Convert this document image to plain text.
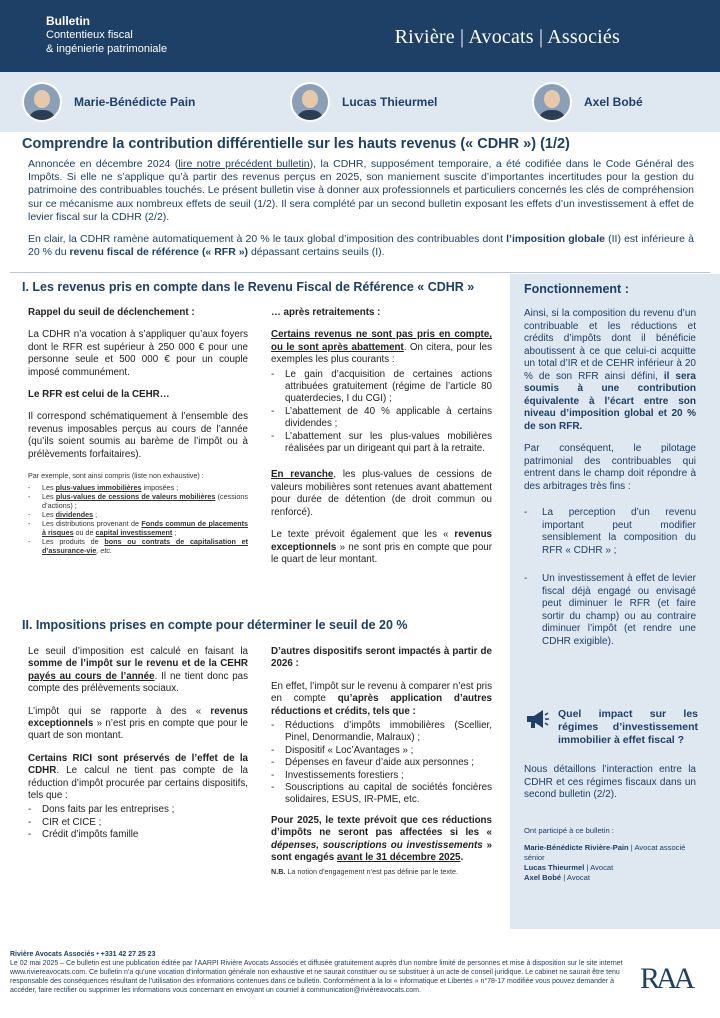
Bulletin
Contentieux fiscal
& ingénierie patrimoniale
Rivière | Avocats | Associés
Marie-Bénédicte Pain	Lucas Thieurmel	Axel Bobé
Comprendre la contribution différentielle sur les hauts revenus (« CDHR ») (1/2)

Annoncée en décembre 2024 (lire notre précédent bulletin), la CDHR, supposément temporaire, a été codifiée dans le Code Général des Impôts. Si elle ne s’applique qu’à partir des revenus perçus en 2025, son maniement suscite d’importantes incertitudes pour la gestion du patrimoine des contribuables touchés. Le présent bulletin vise à donner aux professionnels et particuliers concernés les clés de compréhension sur ce mécanisme aux nombreux effets de seuil (1/2). Il sera complété par un second bulletin exposant les effets d’un investissement à effet de levier fiscal sur la CDHR (2/2).

En clair, la CDHR ramène automatiquement à 20 % le taux global d’imposition des contribuables dont l’imposition globale (II) est inférieure à 20 % du revenu fiscal de référence (« RFR ») dépassant certains seuils (I).

I. Les revenus pris en compte dans le Revenu Fiscal de Référence « CDHR »
Rappel du seuil de déclenchement :

La CDHR n’a vocation à s’appliquer qu’aux foyers dont le RFR est supérieur à 250 000 € pour une personne seule et 500 000 € pour un couple imposé communément.

Le RFR est celui de la CEHR…

Il correspond schématiquement à l’ensemble des revenus imposables perçus au cours de l’année (qu’ils soient soumis au barème de l’impôt ou à prélèvements forfaitaires).

Par exemple, sont ainsi compris (liste non exhaustive) :
- Les plus-values immobilières imposées ;
- Les plus-values de cessions de valeurs mobilières (cessions d’actions) ;
- Les dividendes ;
- Les distributions provenant de Fonds commun de placements à risques ou de capital investissement ;
- Les produits de bons ou contrats de capitalisation et d’assurance-vie, etc.
… après retraitements :

Certains revenus ne sont pas pris en compte, ou le sont après abattement. On citera, pour les exemples les plus courants :

- Le gain d’acquisition de certaines actions attribuées gratuitement (régime de l’article 80 quaterdecies, I du CGI) ;
- L’abattement de 40 % applicable à certains dividendes ;
- L’abattement sur les plus-values mobilières réalisées par un dirigeant qui part à la retraite.

En revanche, les plus-values de cessions de valeurs mobilières sont retenues avant abattement pour durée de détention (de droit commun ou renforcé).

Le texte prévoit également que les « revenus exceptionnels » ne sont pris en compte que pour le quart de leur montant.

II. Impositions prises en compte pour déterminer le seuil de 20 %

Le seuil d’imposition est calculé en faisant la somme de l’impôt sur le revenu et de la CEHR payés au cours de l’année. Il ne tient donc pas compte des prélèvements sociaux.

L’impôt qui se rapporte à des « revenus exceptionnels » n’est pris en compte que pour le quart de son montant.

Certains RICI sont préservés de l’effet de la CDHR. Le calcul ne tient pas compte de la réduction d’impôt procurée par certains dispositifs, tels que :

- Dons faits par les entreprises ;
- CIR et CICE ;
- Crédit d’impôts famille
D’autres dispositifs seront impactés à partir de 2026 :

En effet, l’impôt sur le revenu à comparer n’est pris en compte qu’après application d’autres réductions et crédits, tels que :

- Réductions d’impôts immobilières (Scellier, Pinel, Denormandie, Malraux) ;
- Dispositif « Loc’Avantages » ;
- Dépenses en faveur d’aide aux personnes ;
- Investissements forestiers ;
- Souscriptions au capital de sociétés foncières solidaires, ESUS, IR-PME, etc.

Pour 2025, le texte prévoit que ces réductions d’impôts ne seront pas affectées si les « dépenses, souscriptions ou investissements » sont engagés avant le 31 décembre 2025.

N.B. La notion d’engagement n’est pas définie par le texte.
Fonctionnement :

Ainsi, si la composition du revenu d’un contribuable et les réductions et crédits d’impôts dont il bénéficie aboutissent à ce que celui-ci acquitte un total d’IR et de CEHR inférieur à 20 % de son RFR ainsi défini, il sera soumis à une contribution équivalente à l’écart entre son niveau d’imposition global et 20 % de son RFR.

Par conséquent, le pilotage patrimonial des contribuables qui entrent dans le champ doit répondre à des arbitrages très fins :

- La perception d’un revenu important peut modifier sensiblement la composition du RFR « CDHR » ;
- Un investissement à effet de levier fiscal déjà engagé ou envisagé peut diminuer le RFR (et faire sortir du champ) ou au contraire diminuer l’impôt (et rendre une CDHR exigible).
Quel impact sur les régimes d’investissement immobilier à effet fiscal ?

Nous détaillons l’interaction entre la CDHR et ces régimes fiscaux dans un second bulletin (2/2).

Ont participé à ce bulletin :
Marie-Bénédicte Rivière-Pain | Avocat associé sénior
Lucas Thieurmel | Avocat
Axel Bobé | Avocat
Rivière Avocats Associés • +331 42 27 25 23
Le 02 mai 2025 – Ce bulletin est une publication éditée par l’AARPI Rivière Avocats Associés et diffusée gratuitement auprès d’un nombre limité de personnes et mise à disposition sur le site internet www.riviereavocats.com. Ce bulletin n’a qu’une vocation d’information générale non exhaustive et ne saurait constituer ou se substituer à un acte de conseil juridique. Le cabinet ne saurait être tenu responsable des conséquences résultant de l’utilisation des informations contenues dans ce bulletin. Conformément à la loi « informatique et Libertés » n°78-17 modifiée vous pouvez demander à accéder, faire rectifier ou supprimer les informations vous concernant en envoyant un courriel à communication@rivièreavocats.com.	RAA
